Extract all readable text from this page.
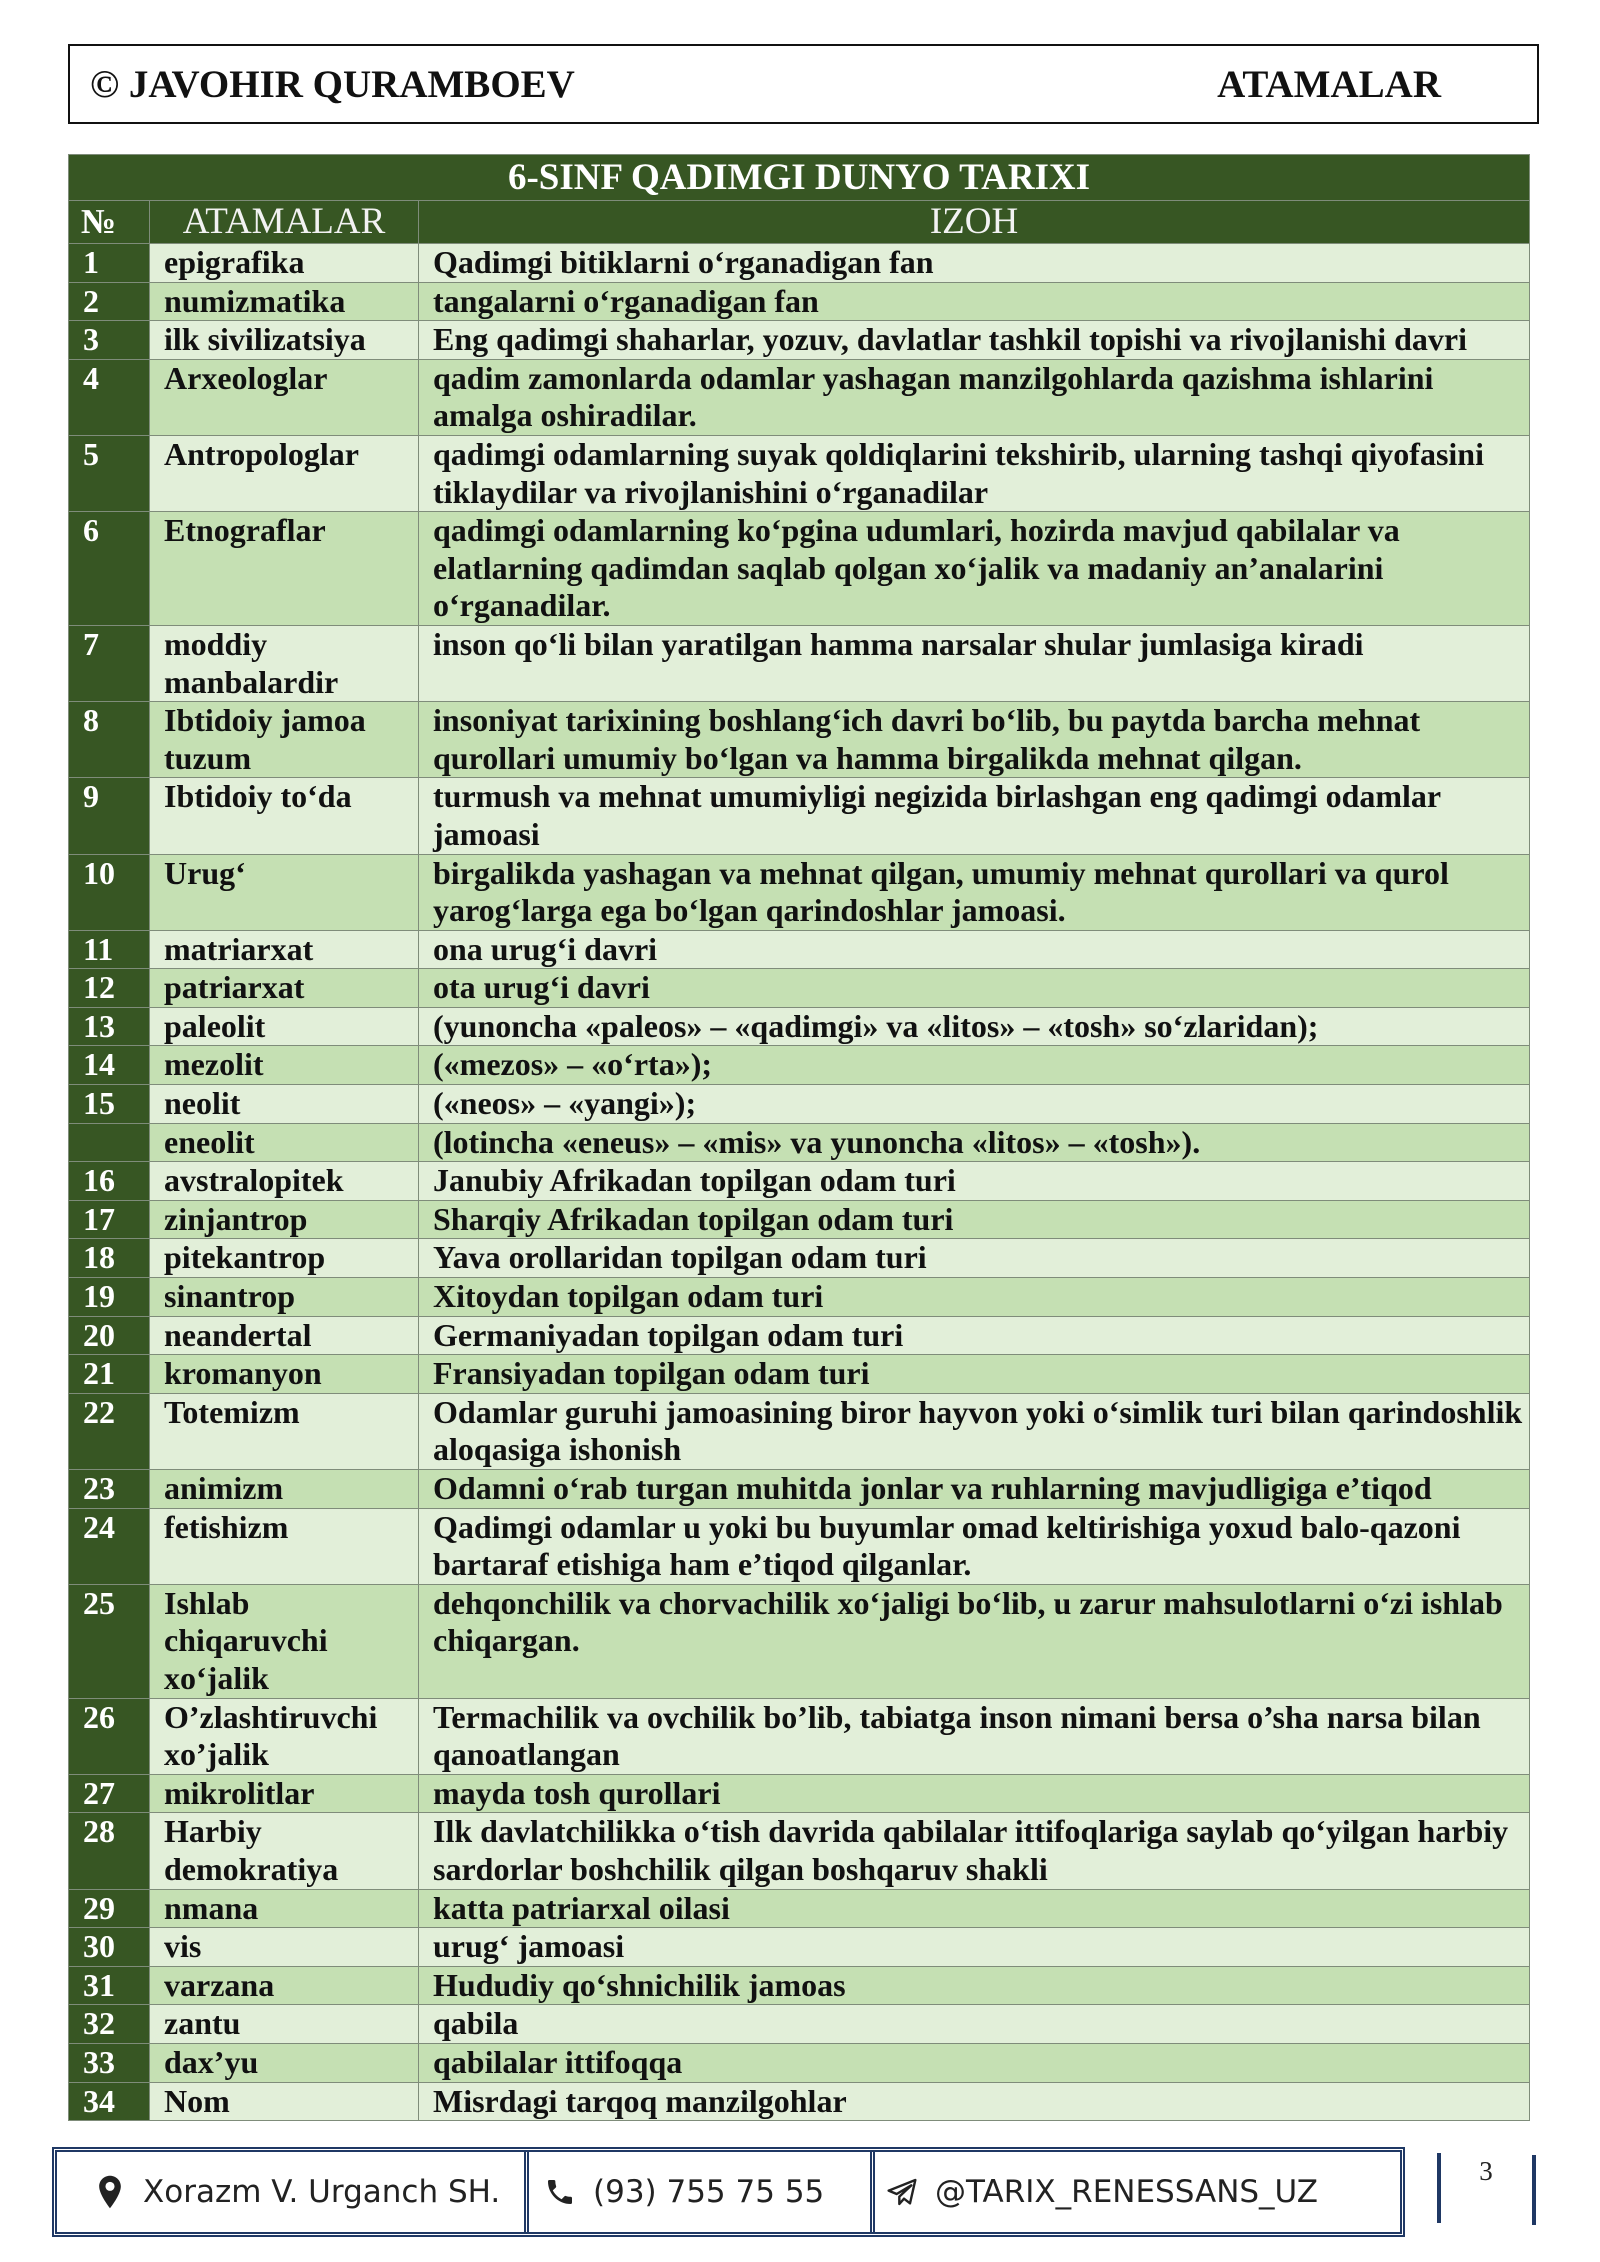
© JAVOHIR QURAMBOEV	ATAMALAR
6-SINF QADIMGI DUNYO TARIXI		
№	ATAMALAR	IZOH
1	epigrafika	Qadimgi bitiklarni o‘rganadigan fan
2	numizmatika	tangalarni o‘rganadigan fan
3	ilk sivilizatsiya	Eng qadimgi shaharlar, yozuv, davlatlar tashkil topishi va rivojlanishi davri
4	Arxeologlar	qadim zamonlarda odamlar yashagan manzilgohlarda qazishma ishlarini amalga oshiradilar.
5	Antropologlar	qadimgi odamlarning suyak qoldiqlarini tekshirib, ularning tashqi qiyofasini tiklaydilar va rivojlanishini o‘rganadilar
6	Etnograflar	qadimgi odamlarning ko‘pgina udumlari, hozirda mavjud qabilalar va elatlarning qadimdan saqlab qolgan xo‘jalik va madaniy an’analarini o‘rganadilar.
7	moddiy manbalardir	inson qo‘li bilan yaratilgan hamma narsalar shular jumlasiga kiradi
8	Ibtidoiy jamoa tuzum	insoniyat tarixining boshlang‘ich davri bo‘lib, bu paytda barcha mehnat qurollari umumiy bo‘lgan va hamma birgalikda mehnat qilgan.
9	Ibtidoiy to‘da	turmush va mehnat umumiyligi negizida birlashgan eng qadimgi odamlar jamoasi
10	Urug‘	birgalikda yashagan va mehnat qilgan, umumiy mehnat qurollari va qurol yarog‘larga ega bo‘lgan qarindoshlar jamoasi.
11	matriarxat	ona urug‘i davri
12	patriarxat	ota urug‘i davri
13	paleolit	(yunoncha «paleos» – «qadimgi» va «litos» – «tosh» so‘zlaridan);
14	mezolit	(«mezos» – «o‘rta»);
15	neolit	(«neos» – «yangi»);
	eneolit	(lotincha «eneus» – «mis» va yunoncha «litos» – «tosh»).
16	avstralopitek	Janubiy Afrikadan topilgan odam turi
17	zinjantrop	Sharqiy Afrikadan topilgan odam turi
18	pitekantrop	Yava orollaridan topilgan odam turi
19	sinantrop	Xitoydan topilgan odam turi
20	neandertal	Germaniyadan topilgan odam turi
21	kromanyon	Fransiyadan topilgan odam turi
22	Totemizm	Odamlar guruhi jamoasining biror hayvon yoki o‘simlik turi bilan qarindoshlik aloqasiga ishonish
23	animizm	Odamni o‘rab turgan muhitda jonlar va ruhlarning mavjudligiga e’tiqod
24	fetishizm	Qadimgi odamlar u yoki bu buyumlar omad keltirishiga yoxud balo-qazoni bartaraf etishiga ham e’tiqod qilganlar.
25	Ishlab chiqaruvchi xo‘jalik	dehqonchilik va chorvachilik xo‘jaligi bo‘lib, u zarur mahsulotlarni o‘zi ishlab chiqargan.
26	O’zlashtiruvchi xo’jalik	Termachilik va ovchilik bo’lib, tabiatga inson nimani bersa o’sha narsa bilan qanoatlangan
27	mikrolitlar	mayda tosh qurollari
28	Harbiy demokratiya	Ilk davlatchilikka o‘tish davrida qabilalar ittifoqlariga saylab qo‘yilgan harbiy sardorlar boshchilik qilgan boshqaruv shakli
29	nmana	katta patriarxal oilasi
30	vis	urug‘ jamoasi
31	varzana	Hududiy qo‘shnichilik jamoas
32	zantu	qabila
33	dax’yu	qabilalar ittifoqqa
34	Nom	Misrdagi tarqoq manzilgohlar
Xorazm V. Urganch SH.	(93) 755 75 55	@TARIX_RENESSANS_UZ
3
